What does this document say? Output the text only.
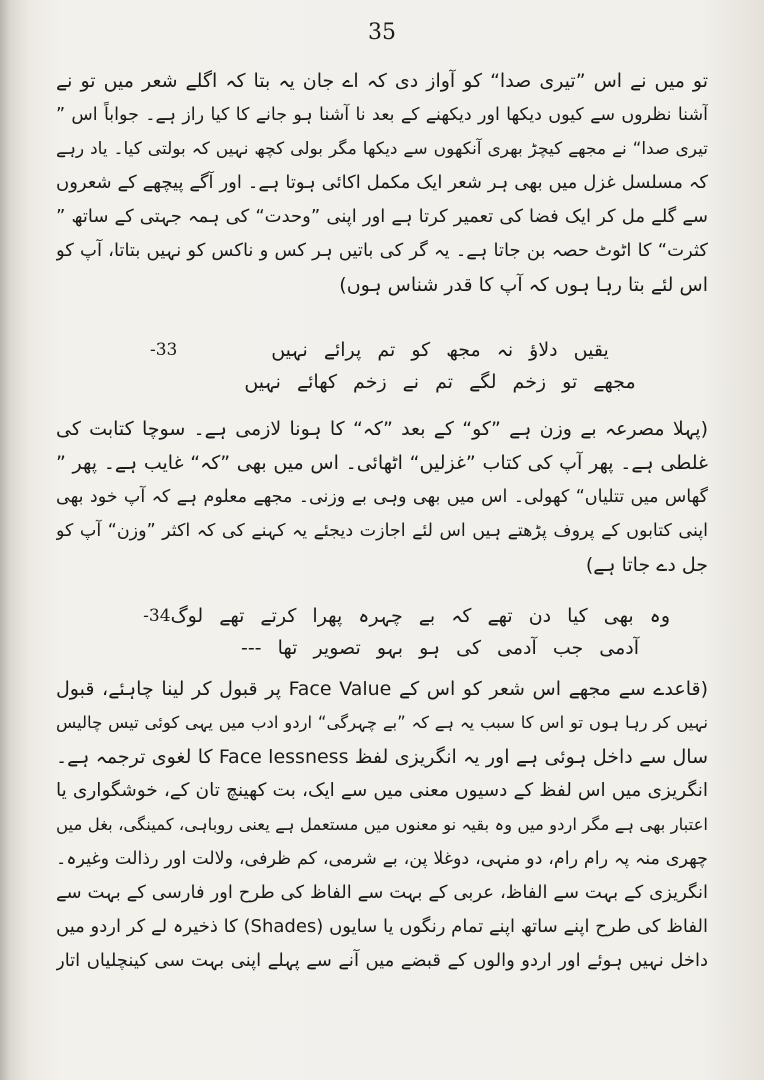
35
تو میں نے اس ”تیری صدا“ کو آواز دی کہ اے جان یہ بتا کہ اگلے شعر میں تو نے
آشنا نظروں سے کیوں دیکھا اور دیکھنے کے بعد نا آشنا ہو جانے کا کیا راز ہے۔ جواباً اس ”
تیری صدا“ نے مجھے کیچڑ بھری آنکھوں سے دیکھا مگر بولی کچھ نہیں کہ بولتی کیا۔ یاد رہے
کہ مسلسل غزل میں بھی ہر شعر ایک مکمل اکائی ہوتا ہے۔ اور آگے پیچھے کے شعروں
سے گلے مل کر ایک فضا کی تعمیر کرتا ہے اور اپنی ”وحدت“ کی ہمہ جہتی کے ساتھ ”
کثرت“ کا اٹوٹ حصہ بن جاتا ہے۔ یہ گر کی باتیں ہر کس و ناکس کو نہیں بتاتا، آپ کو
اس لئے بتا رہا ہوں کہ آپ کا قدر شناس ہوں)
یقیں دلاؤ نہ مجھ کو تم پرائے نہیں
-33
مجھے تو زخم لگے تم نے زخم کھائے نہیں
(پہلا مصرعہ بے وزن ہے ”کو“ کے بعد ”کہ“ کا ہونا لازمی ہے۔ سوچا کتابت کی
غلطی ہے۔ پھر آپ کی کتاب ”غزلیں“ اٹھائی۔ اس میں بھی ”کہ“ غایب ہے۔ پھر ”
گھاس میں تتلیاں“ کھولی۔ اس میں بھی وہی بے وزنی۔ مجھے معلوم ہے کہ آپ خود بھی
اپنی کتابوں کے پروف پڑھتے ہیں اس لئے اجازت دیجئے یہ کہنے کی کہ اکثر ”وزن“ آپ کو
جل دے جاتا ہے)
وہ بھی کیا دن تھے کہ بے چہرہ پھرا کرتے تھے لوگ
-34
آدمی جب آدمی کی ہو بہو تصویر تھا ---
(قاعدے سے مجھے اس شعر کو اس کے Face Value پر قبول کر لینا چاہئے، قبول
نہیں کر رہا ہوں تو اس کا سبب یہ ہے کہ ”بے چہرگی“ اردو ادب میں یہی کوئی تیس چالیس
سال سے داخل ہوئی ہے اور یہ انگریزی لفظ Face lessness کا لغوی ترجمہ ہے۔
انگریزی میں اس لفظ کے دسیوں معنی میں سے ایک، بت کھینچ تان کے، خوشگواری یا
اعتبار بھی ہے مگر اردو میں وہ بقیہ نو معنوں میں مستعمل ہے یعنی روباہی، کمینگی، بغل میں
چھری منہ پہ رام رام، دو منہی، دوغلا پن، بے شرمی، کم ظرفی، ولالت اور رذالت وغیرہ۔
انگریزی کے بہت سے الفاظ، عربی کے بہت سے الفاظ کی طرح اور فارسی کے بہت سے
الفاظ کی طرح اپنے ساتھ اپنے تمام رنگوں یا سایوں (Shades) کا ذخیرہ لے کر اردو میں
داخل نہیں ہوئے اور اردو والوں کے قبضے میں آنے سے پہلے اپنی بہت سی کینچلیاں اتار
